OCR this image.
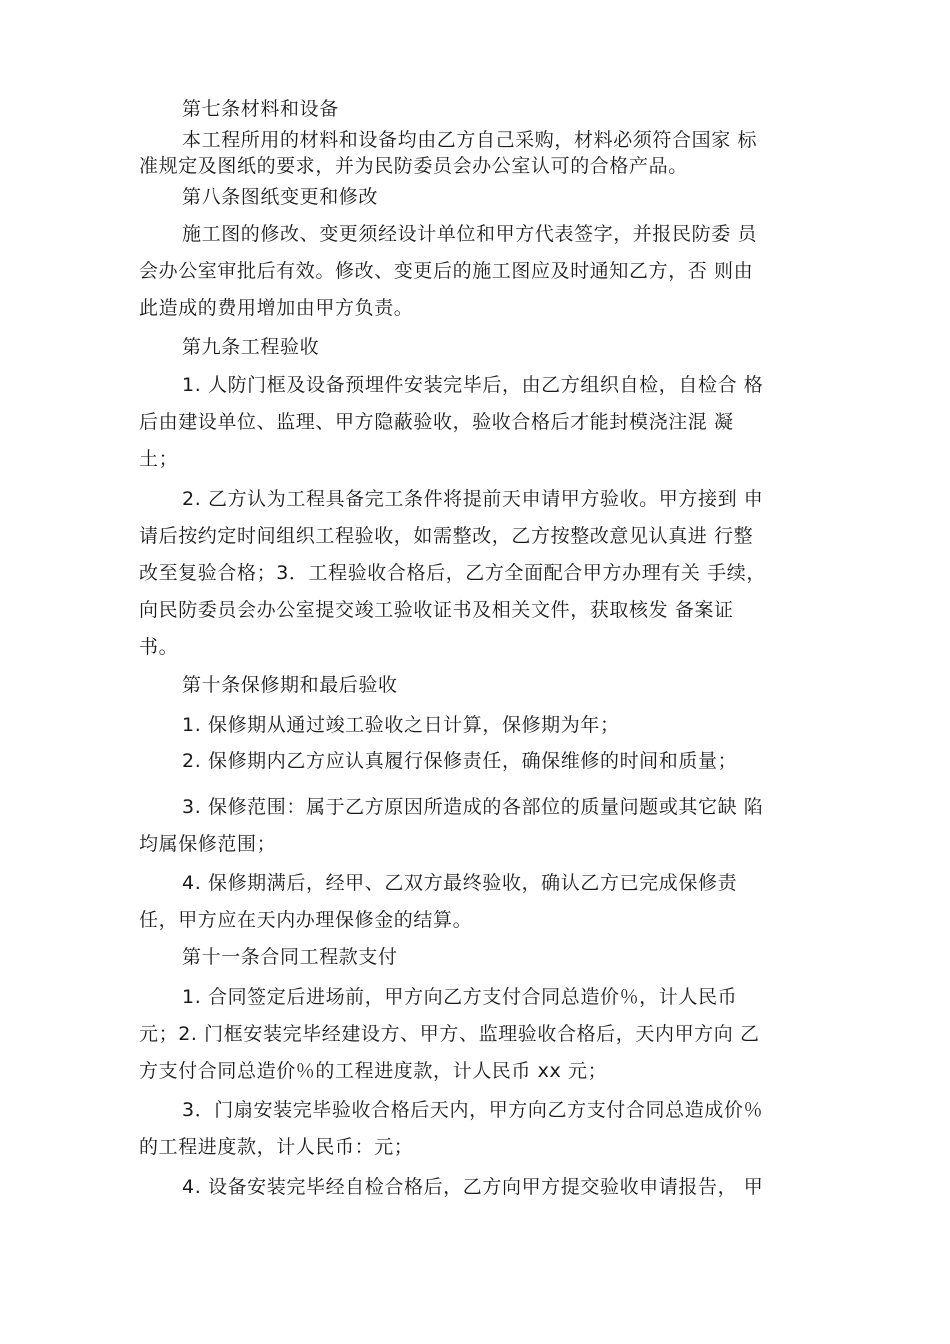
第七条材料和设备
本工程所用的材料和设备均由乙方自己采购，材料必须符合国家 标
准规定及图纸的要求，并为民防委员会办公室认可的合格产品。
第八条图纸变更和修改
施工图的修改、变更须经设计单位和甲方代表签字，并报民防委 员
会办公室审批后有效。修改、变更后的施工图应及时通知乙方，否 则由
此造成的费用增加由甲方负责。
第九条工程验收
1. 人防门框及设备预埋件安装完毕后，由乙方组织自检，自检合 格
后由建设单位、监理、甲方隐蔽验收，验收合格后才能封模浇注混 凝
土；
2. 乙方认为工程具备完工条件将提前天申请甲方验收。甲方接到 申
请后按约定时间组织工程验收，如需整改，乙方按整改意见认真进 行整
改至复验合格；3．工程验收合格后，乙方全面配合甲方办理有关 手续，
向民防委员会办公室提交竣工验收证书及相关文件，获取核发 备案证
书。
第十条保修期和最后验收
1. 保修期从通过竣工验收之日计算，保修期为年；
2. 保修期内乙方应认真履行保修责任，确保维修的时间和质量；
3. 保修范围：属于乙方原因所造成的各部位的质量问题或其它缺 陷
均属保修范围；
4. 保修期满后，经甲、乙双方最终验收，确认乙方已完成保修责
任，甲方应在天内办理保修金的结算。
第十一条合同工程款支付
1. 合同签定后进场前，甲方向乙方支付合同总造价％，计人民币
元；2. 门框安装完毕经建设方、甲方、监理验收合格后，天内甲方向 乙
方支付合同总造价％的工程进度款，计人民币 xx 元；
3．门扇安装完毕验收合格后天内，甲方向乙方支付合同总造成价％
的工程进度款，计人民币：元；
4. 设备安装完毕经自检合格后，乙方向甲方提交验收申请报告， 甲
